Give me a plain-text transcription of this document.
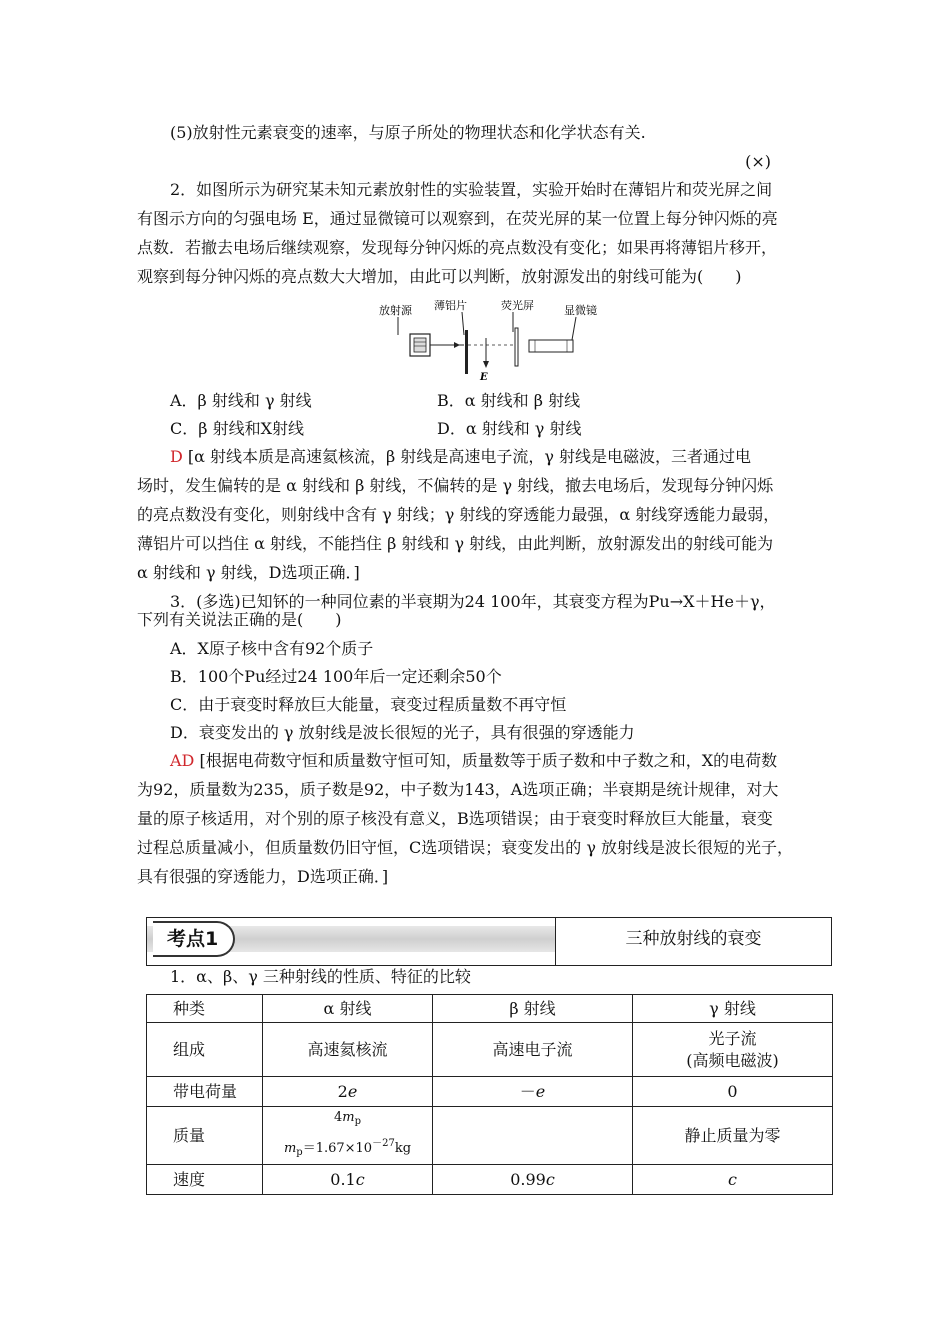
(5)放射性元素衰变的速率，与原子所处的物理状态和化学状态有关.
(×)
2．如图所示为研究某未知元素放射性的实验装置，实验开始时在薄铝片和荧光屏之间
有图示方向的匀强电场 E，通过显微镜可以观察到，在荧光屏的某一位置上每分钟闪烁的亮
点数．若撤去电场后继续观察，发现每分钟闪烁的亮点数没有变化；如果再将薄铝片移开，
观察到每分钟闪烁的亮点数大大增加，由此可以判断，放射源发出的射线可能为(　　)
放射源 薄铝片	荧光屏	显微镜
E
A．β 射线和 γ 射线	B．α 射线和 β 射线
C．β 射线和X射线	D．α 射线和 γ 射线
D [α 射线本质是高速氦核流，β 射线是高速电子流，γ 射线是电磁波，三者通过电
场时，发生偏转的是 α 射线和 β 射线，不偏转的是 γ 射线，撤去电场后，发现每分钟闪烁
的亮点数没有变化，则射线中含有 γ 射线；γ 射线的穿透能力最强，α 射线穿透能力最弱，
薄铝片可以挡住 α 射线，不能挡住 β 射线和 γ 射线，由此判断，放射源发出的射线可能为
α 射线和 γ 射线，D选项正确．]
3．(多选)已知钚的一种同位素的半衰期为24 100年，其衰变方程为Pu→X＋He＋γ，
下列有关说法正确的是(　　)
A．X原子核中含有92个质子
B．100个Pu经过24 100年后一定还剩余50个
C．由于衰变时释放巨大能量，衰变过程质量数不再守恒
D．衰变发出的 γ 放射线是波长很短的光子，具有很强的穿透能力
AD [根据电荷数守恒和质量数守恒可知，质量数等于质子数和中子数之和，X的电荷数
为92，质量数为235，质子数是92，中子数为143，A选项正确；半衰期是统计规律，对大
量的原子核适用，对个别的原子核没有意义，B选项错误；由于衰变时释放巨大能量，衰变
过程总质量减小，但质量数仍旧守恒，C选项错误；衰变发出的 γ 放射线是波长很短的光子，
具有很强的穿透能力，D选项正确．]
考点1	三种放射线的衰变
1．α、β、γ 三种射线的性质、特征的比较
种类	α 射线	β 射线	γ 射线
组成	高速氦核流	高速电子流	光子流
(高频电磁波)

带电荷量	2e	－e	0
质量	$4m_p$
$m_p=1.67\times 10^{-27}kg$		静止质量为零
速度	0.1c	0.99c	c
